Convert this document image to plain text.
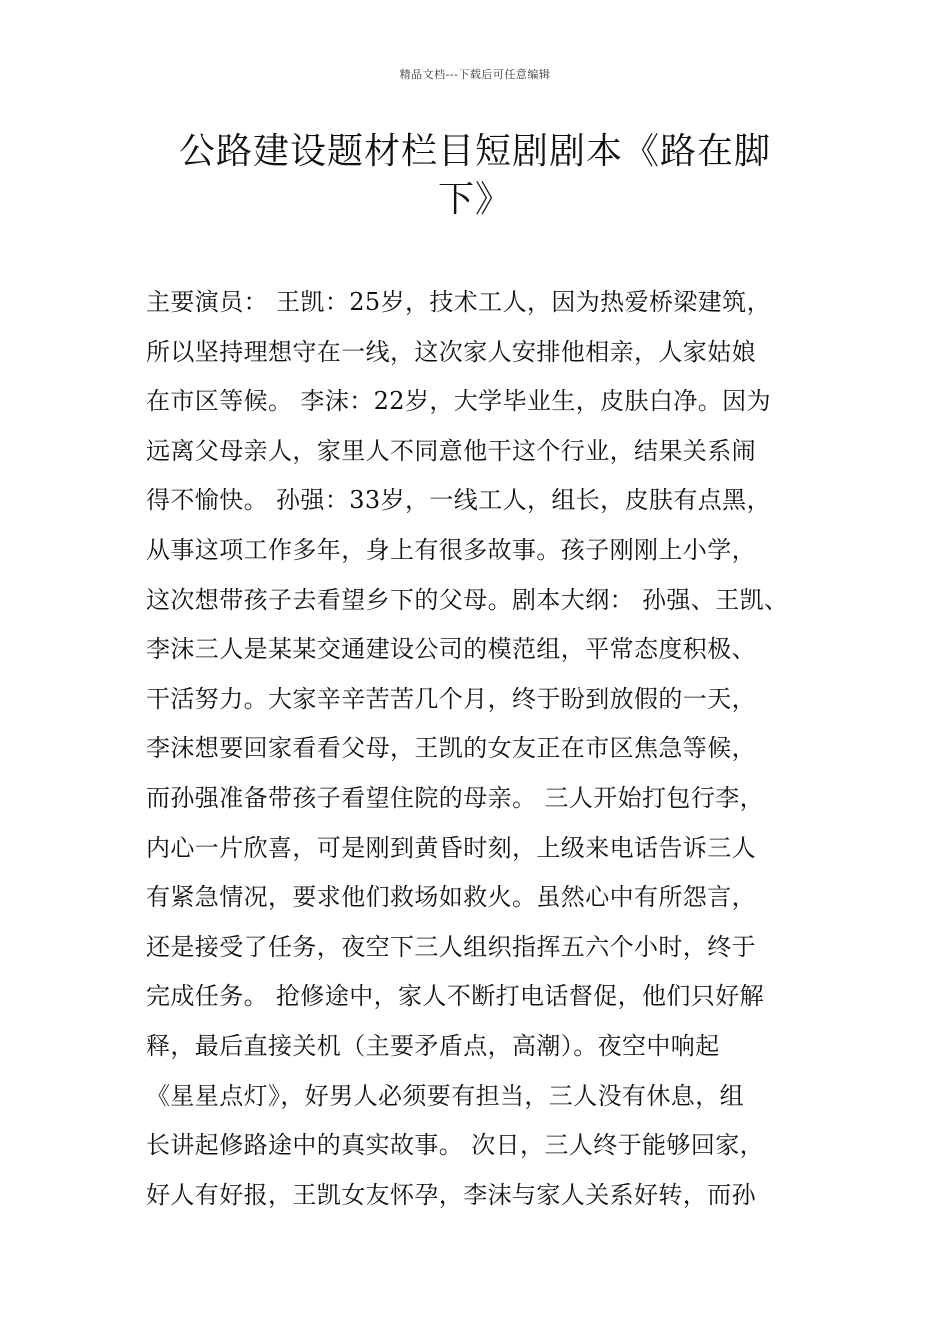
精品文档---下载后可任意编辑
公路建设题材栏目短剧剧本《路在脚
下》
主要演员： 王凯：25岁，技术工人，因为热爱桥梁建筑，
所以坚持理想守在一线，这次家人安排他相亲，人家姑娘
在市区等候。 李沫：22岁，大学毕业生，皮肤白净。因为
远离父母亲人，家里人不同意他干这个行业，结果关系闹
得不愉快。 孙强：33岁，一线工人，组长，皮肤有点黑，
从事这项工作多年，身上有很多故事。孩子刚刚上小学，
这次想带孩子去看望乡下的父母。剧本大纲： 孙强、王凯、
李沫三人是某某交通建设公司的模范组，平常态度积极、
干活努力。大家辛辛苦苦几个月，终于盼到放假的一天，
李沫想要回家看看父母，王凯的女友正在市区焦急等候，
而孙强准备带孩子看望住院的母亲。 三人开始打包行李，
内心一片欣喜，可是刚到黄昏时刻，上级来电话告诉三人
有紧急情况，要求他们救场如救火。虽然心中有所怨言，
还是接受了任务，夜空下三人组织指挥五六个小时，终于
完成任务。 抢修途中，家人不断打电话督促，他们只好解
释，最后直接关机（主要矛盾点，高潮）。夜空中响起
《星星点灯》，好男人必须要有担当，三人没有休息，组
长讲起修路途中的真实故事。 次日，三人终于能够回家，
好人有好报，王凯女友怀孕，李沫与家人关系好转，而孙
